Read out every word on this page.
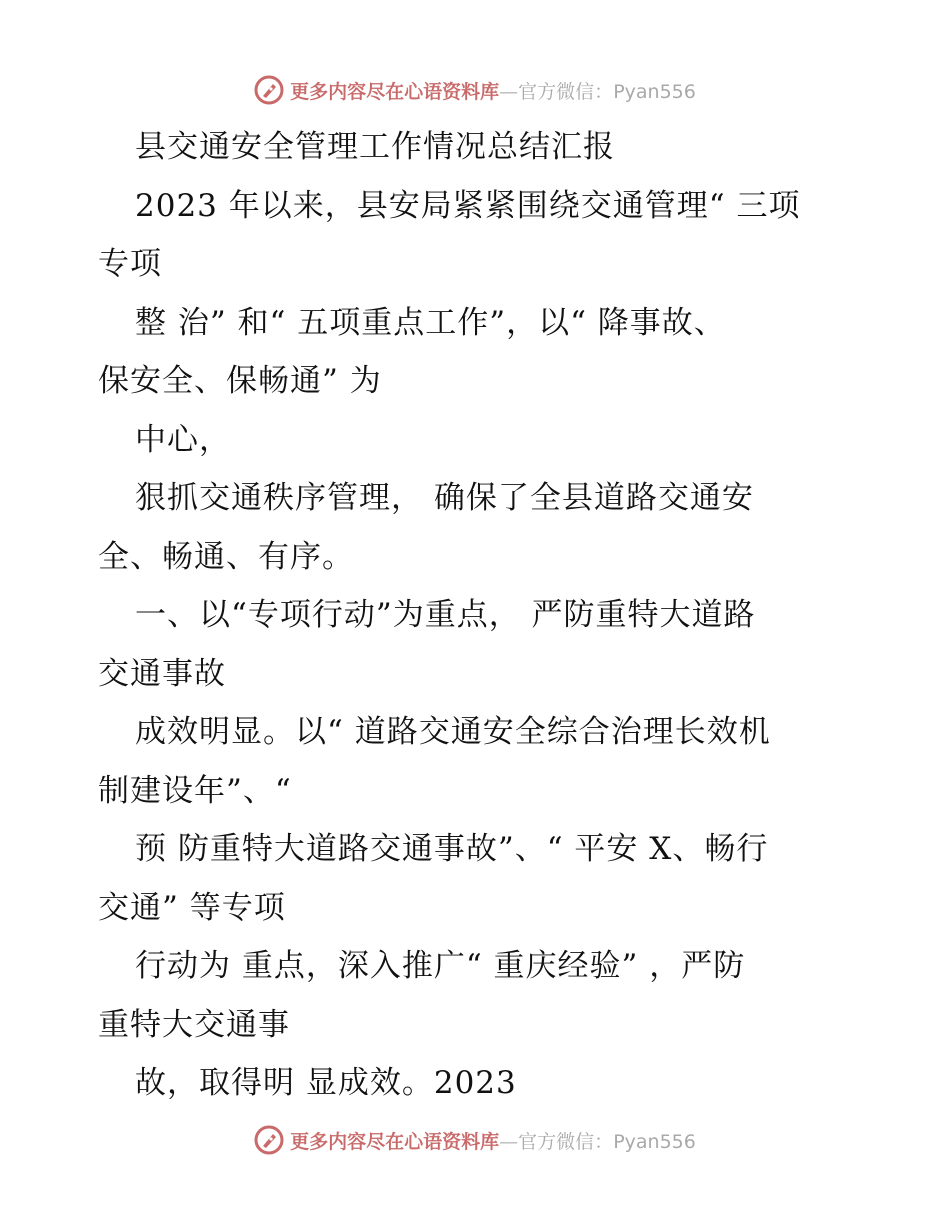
更多内容尽在心语资料库—官方微信：Pyan556
县交通安全管理工作情况总结汇报
2023 年以来，县安局紧紧围绕交通管理“ 三项
专项
整 治” 和“ 五项重点工作”，以“ 降事故、
保安全、保畅通” 为
中心，
狠抓交通秩序管理， 确保了全县道路交通安
全、畅通、有序。
一、以“专项行动”为重点， 严防重特大道路
交通事故
成效明显。以“ 道路交通安全综合治理长效机
制建设年”、“
预 防重特大道路交通事故”、“ 平安 X、畅行
交通” 等专项
行动为 重点，深入推广“ 重庆经验” ，严防
重特大交通事
故，取得明 显成效。2023
更多内容尽在心语资料库—官方微信：Pyan556
